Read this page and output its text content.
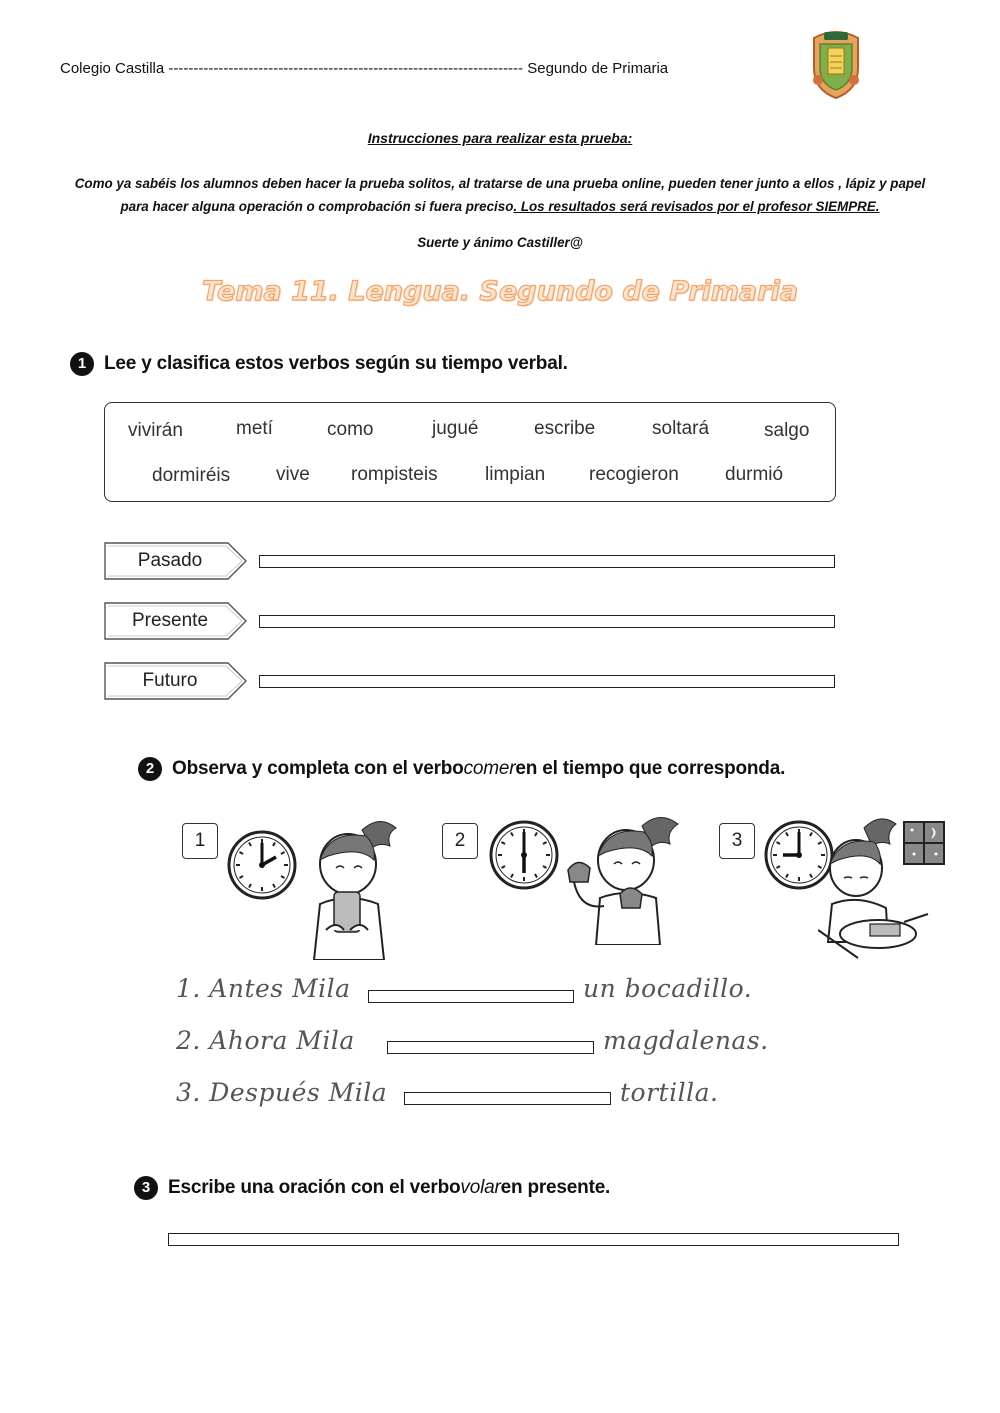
Colegio Castilla ----------------------------------------------------------------------- Segundo de Primaria
Instrucciones para realizar esta prueba:
Como ya sabéis los alumnos deben hacer la prueba solitos, al tratarse de una prueba online, pueden tener junto a ellos , lápiz y papel para hacer alguna operación o comprobación si fuera preciso. Los resultados será revisados por el profesor SIEMPRE.
Suerte y ánimo Castiller@
Tema 11. Lengua. Segundo de Primaria
1 Lee y clasifica estos verbos según su tiempo verbal.
vivirán	metí	como	jugué	escribe	soltará	salgo
dormiréis vive rompisteis limpian recogieron durmió
Pasado
Presente
Futuro
2 Observa y completa con el verbo comer en el tiempo que corresponda.
1	2	3
1. Antes Mila	un bocadillo.
2. Ahora Mila	magdalenas.
3. Después Mila	tortilla.
3 Escribe una oración con el verbo volar en presente.
